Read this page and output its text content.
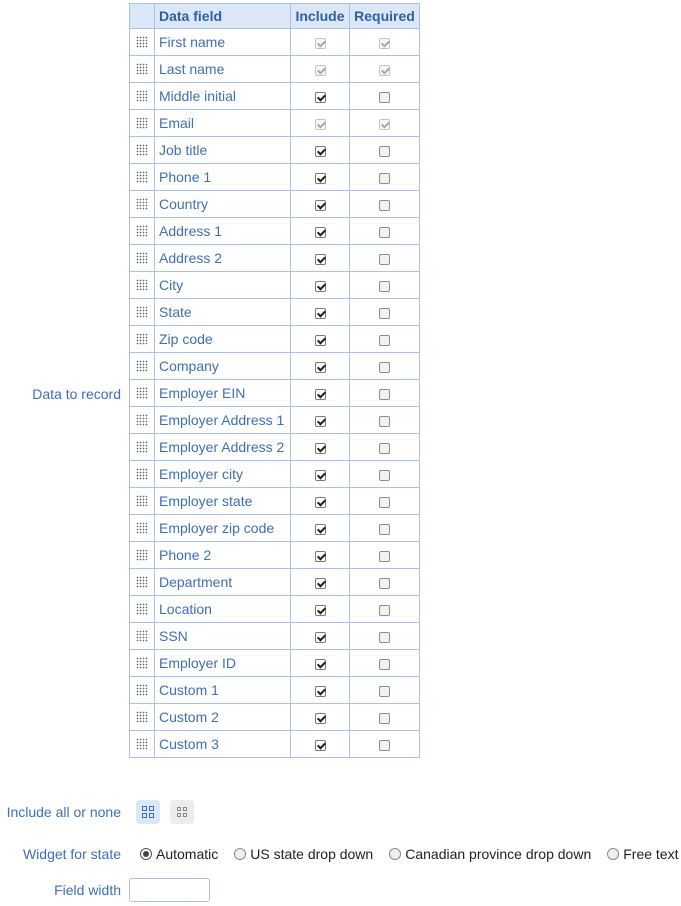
Data to record
	Data field	Include	Required

	First name		

	Last name		

	Middle initial		

	Email		

	Job title		

	Phone 1		

	Country		

	Address 1		

	Address 2		

	City		

	State		

	Zip code		

	Company		

	Employer EIN		

	Employer Address 1		

	Employer Address 2		

	Employer city		

	Employer state		

	Employer zip code		

	Phone 2		

	Department		

	Location		

	SSN		

	Employer ID		

	Custom 1		

	Custom 2		

	Custom 3		
Include all or none
Widget for state	Automatic US state drop down Canadian province drop down Free text
Field width
